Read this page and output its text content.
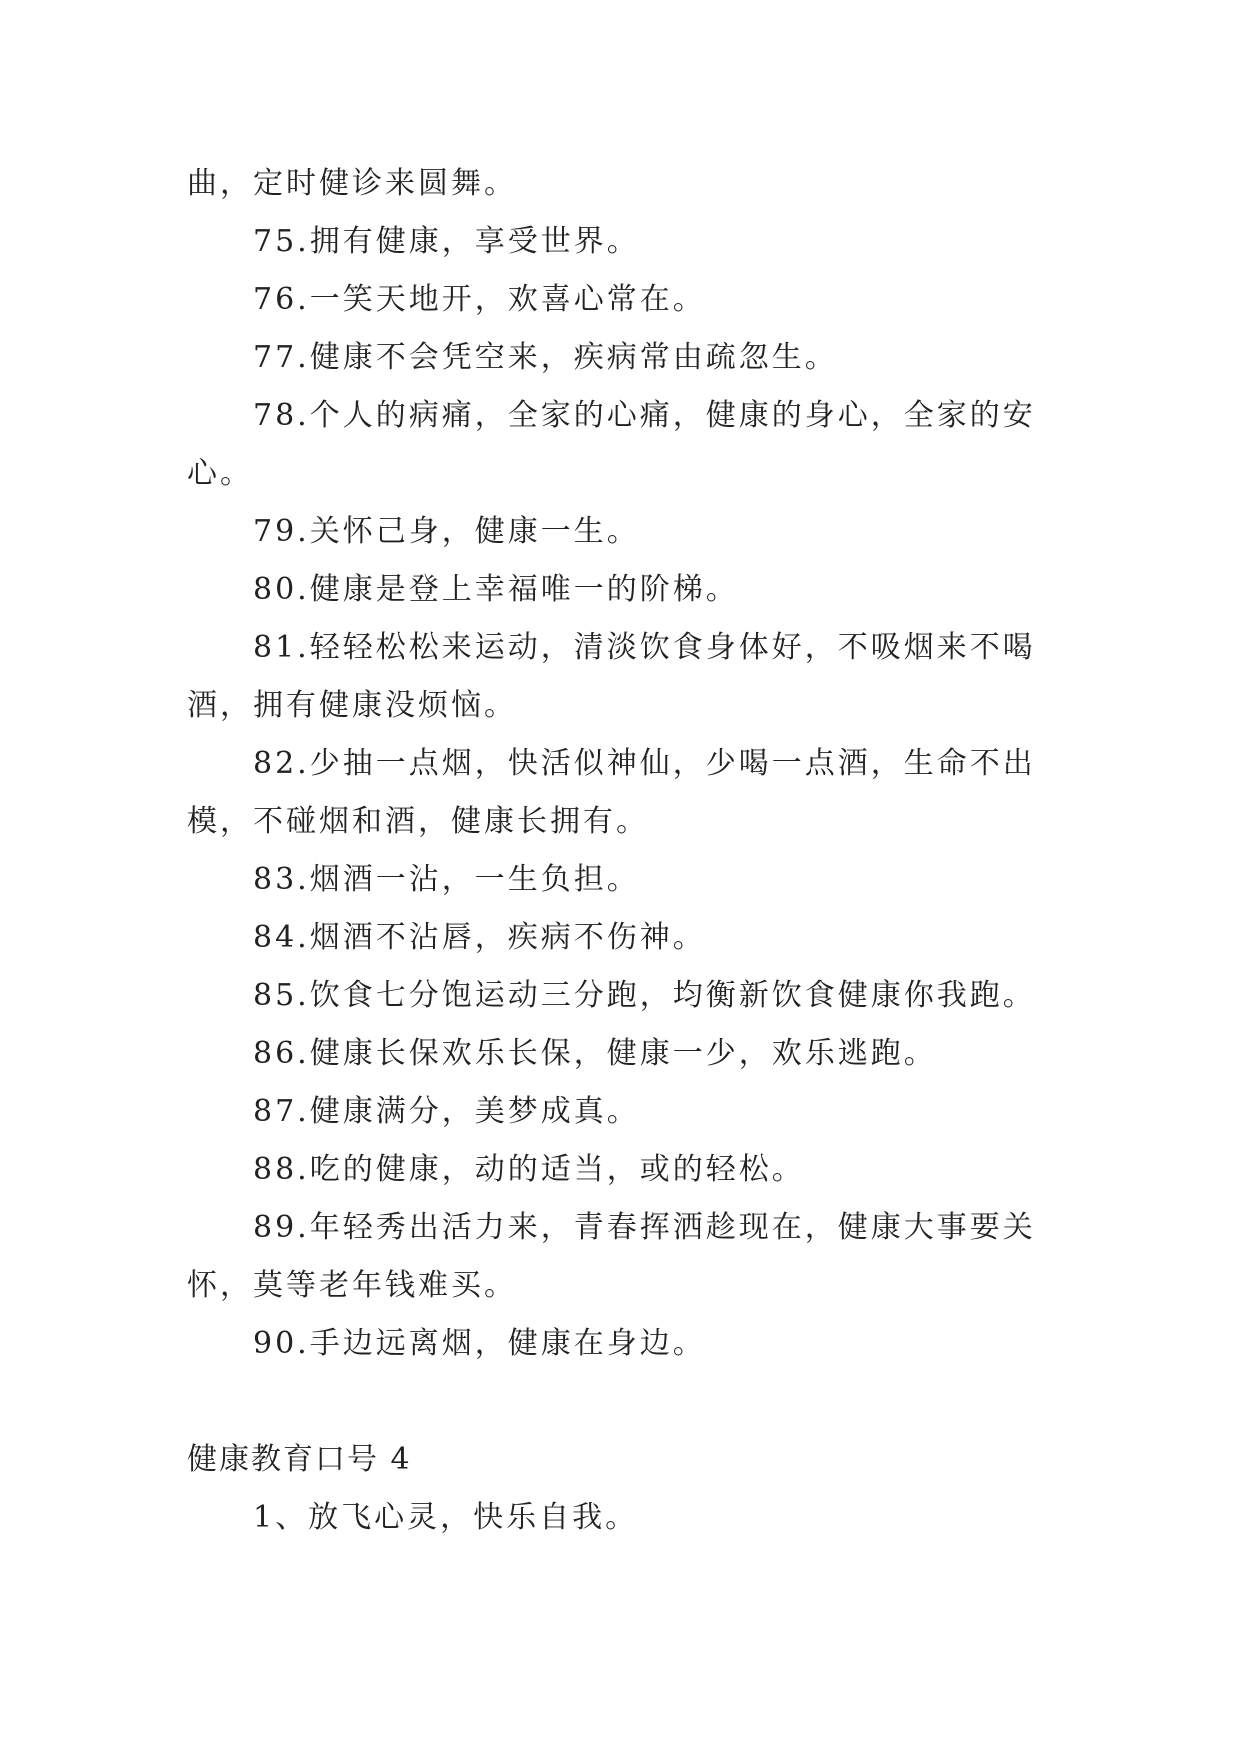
曲，定时健诊来圆舞。
75.拥有健康，享受世界。
76.一笑天地开，欢喜心常在。
77.健康不会凭空来，疾病常由疏忽生。
78.个人的病痛，全家的心痛，健康的身心，全家的安
心。
79.关怀己身，健康一生。
80.健康是登上幸福唯一的阶梯。
81.轻轻松松来运动，清淡饮食身体好，不吸烟来不喝
酒，拥有健康没烦恼。
82.少抽一点烟，快活似神仙，少喝一点酒，生命不出
模，不碰烟和酒，健康长拥有。
83.烟酒一沾，一生负担。
84.烟酒不沾唇，疾病不伤神。
85.饮食七分饱运动三分跑，均衡新饮食健康你我跑。
86.健康长保欢乐长保，健康一少，欢乐逃跑。
87.健康满分，美梦成真。
88.吃的健康，动的适当，或的轻松。
89.年轻秀出活力来，青春挥洒趁现在，健康大事要关
怀，莫等老年钱难买。
90.手边远离烟，健康在身边。
健康教育口号 4
1、放飞心灵，快乐自我。
